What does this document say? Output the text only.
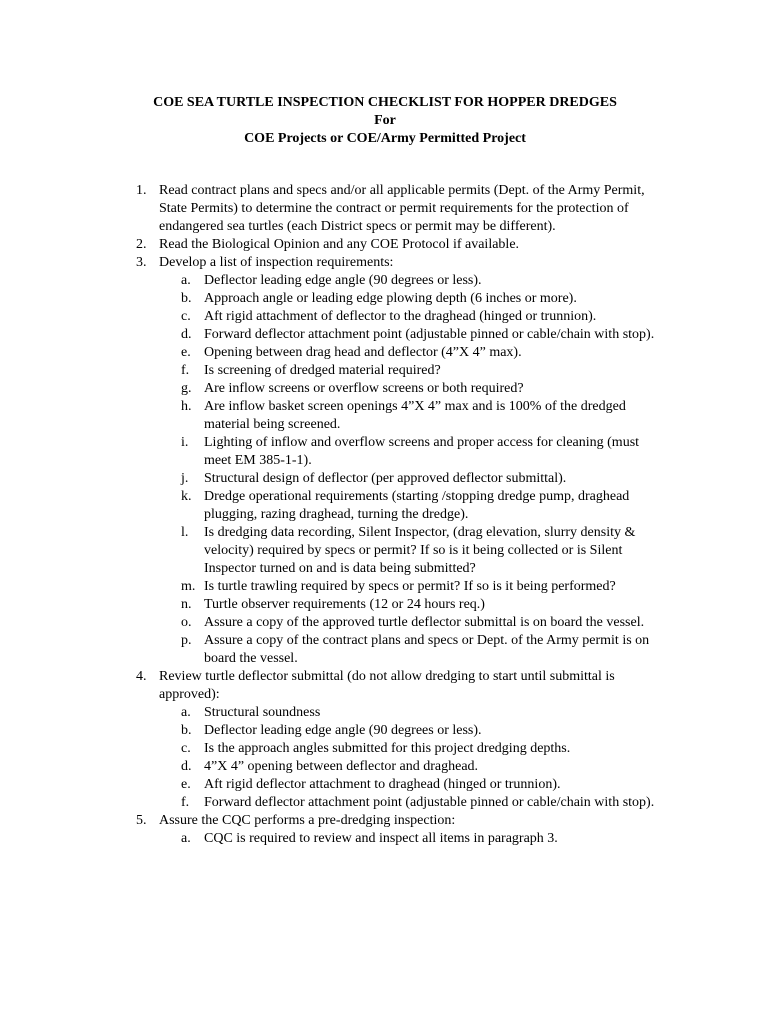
COE SEA TURTLE INSPECTION CHECKLIST FOR HOPPER DREDGES
For
COE Projects or COE/Army Permitted Project
1. Read contract plans and specs and/or all applicable permits (Dept. of the Army Permit, State Permits) to determine the contract or permit requirements for the protection of endangered sea turtles (each District specs or permit may be different).
2. Read the Biological Opinion and any COE Protocol if available.
3. Develop a list of inspection requirements:
a. Deflector leading edge angle (90 degrees or less).
b. Approach angle or leading edge plowing depth (6 inches or more).
c. Aft rigid attachment of deflector to the draghead (hinged or trunnion).
d. Forward deflector attachment point (adjustable pinned or cable/chain with stop).
e. Opening between drag head and deflector (4”X 4” max).
f.	Is screening of dredged material required?
g. Are inflow screens or overflow screens or both required?
h. Are inflow basket screen openings 4”X 4” max and is 100% of the dredged material being screened.
i.	Lighting of inflow and overflow screens and proper access for cleaning (must meet EM 385-1-1).
j.	Structural design of deflector (per approved deflector submittal).
k. Dredge operational requirements (starting /stopping dredge pump, draghead plugging, razing draghead, turning the dredge).
l.	Is dredging data recording, Silent Inspector, (drag elevation, slurry density & velocity) required by specs or permit? If so is it being collected or is Silent Inspector turned on and is data being submitted?
m. Is turtle trawling required by specs or permit? If so is it being performed?
n. Turtle observer requirements (12 or 24 hours req.)
o. Assure a copy of the approved turtle deflector submittal is on board the vessel.
p. Assure a copy of the contract plans and specs or Dept. of the Army permit is on board the vessel.
4. Review turtle deflector submittal (do not allow dredging to start until submittal is approved):
a. Structural soundness
b. Deflector leading edge angle (90 degrees or less).
c. Is the approach angles submitted for this project dredging depths.
d. 4”X 4” opening between deflector and draghead.
e. Aft rigid deflector attachment to draghead (hinged or trunnion).
f.	Forward deflector attachment point (adjustable pinned or cable/chain with stop).
5. Assure the CQC performs a pre-dredging inspection:
a. CQC is required to review and inspect all items in paragraph 3.
